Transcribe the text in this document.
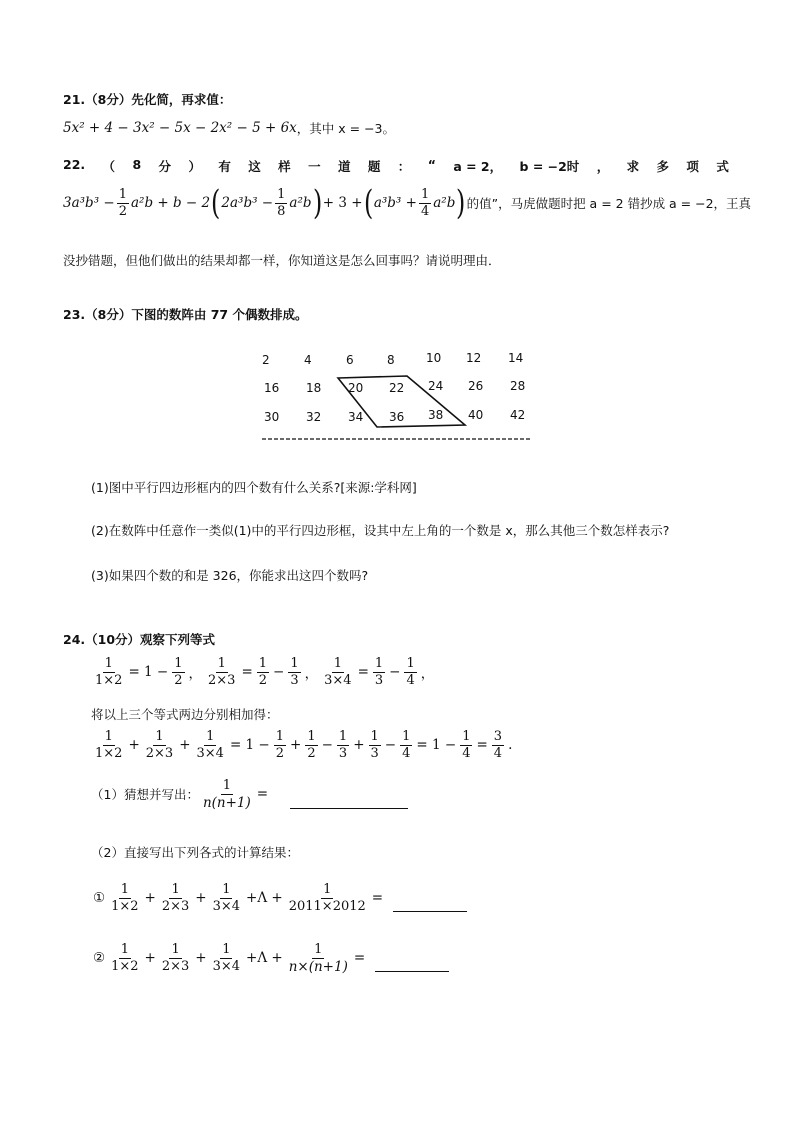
21.（8分）先化简，再求值：
5x² + 4 − 3x² − 5x − 2x² − 5 + 6x ，其中 x = −3。
22. （ 8 分 ） 有 这 样 一 道 题 ： “ a = 2， b = −2时 ， 求 多 项 式
$3a^3b^3 - \frac{1}{2} a^2b + b - 2$ ( $2a^3b^3 - \frac{1}{8} a^2b$ ) + 3 + ( $a^3b^3 + \frac{1}{4} a^2b$ ) 的值”，马虎做题时把 a = 2 错抄成 a = −2，王真
没抄错题，但他们做出的结果却都一样，你知道这是怎么回事吗？请说明理由．
23.（8分）下图的数阵由 77 个偶数排成。
2	4	6	8	10 12 14
16 18 20 22 24 26 28
30 32 34 36 38 40 42
(1)图中平行四边形框内的四个数有什么关系?[来源:学科网]
(2)在数阵中任意作一类似(1)中的平行四边形框，设其中左上角的一个数是 x，那么其他三个数怎样表示?
(3)如果四个数的和是 326，你能求出这四个数吗?
24.（10分）观察下列等式
$\frac{1}{1\times 2} = 1 - \frac{1}{2}$ ， $\frac{1}{2\times 3} = \frac{1}{2} - \frac{1}{3}$ ， $\frac{1}{3\times 4} = \frac{1}{3} - \frac{1}{4}$ ，
将以上三个等式两边分别相加得：
$\frac{1}{1\times 2} + \frac{1}{2\times 3} + \frac{1}{3\times 4} = 1 - \frac{1}{2} + \frac{1}{2} - \frac{1}{3} + \frac{1}{3} - \frac{1}{4} = 1 - \frac{1}{4} = \frac{3}{4}$ .
（1）猜想并写出： $\frac{1}{n(n+1)}$ =
（2）直接写出下列各式的计算结果：
① $\frac{1}{1\times 2} + \frac{1}{2\times 3} + \frac{1}{3\times 4} +\Lambda + \frac{1}{2011\times 2012}$ =
② $\frac{1}{1\times 2} + \frac{1}{2\times 3} + \frac{1}{3\times 4} +\Lambda + \frac{1}{n\times(n+1)}$ =
